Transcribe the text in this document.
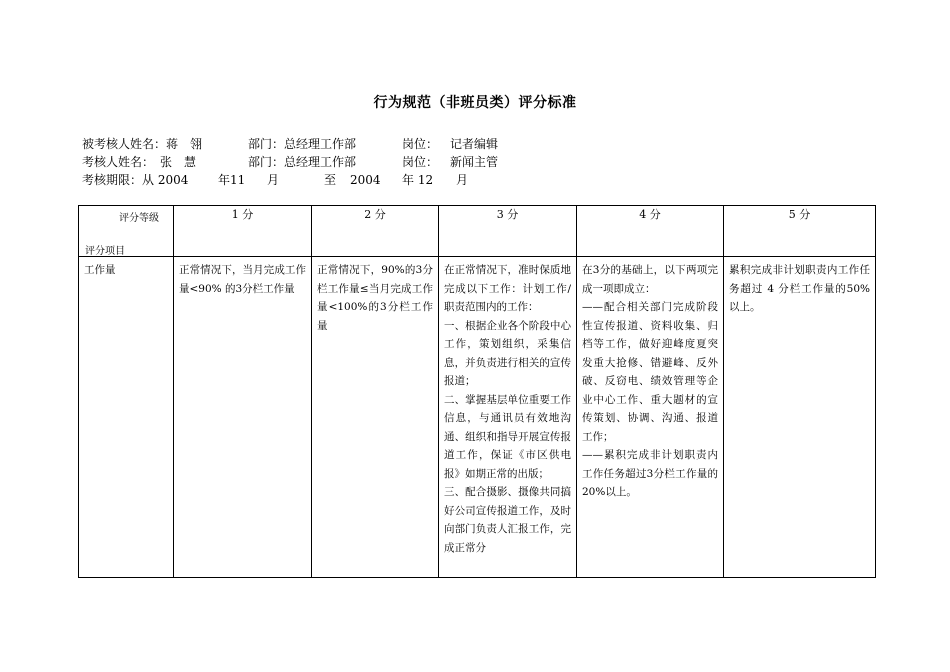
行为规范（非班员类）评分标准
被考核人姓名：蒋　翎	部门：总经理工作部	岗位： 记者编辑
考核人姓名：　张　慧	部门：总经理工作部	岗位： 新闻主管
考核期限：从 2004 年11 月	至 2004 年 12 月
评分等级
评分项目	1 分	2 分	3 分	4 分	5 分

工作量	正常情况下，当月完成工作量<90% 的3分栏工作量	正常情况下，90%的3分栏工作量≤当月完成工作量<100%的3分栏工作量	在正常情况下，准时保质地完成以下工作：计划工作/职责范围内的工作：
一、根据企业各个阶段中心工作，策划组织，采集信息，并负责进行相关的宣传报道；
二、掌握基层单位重要工作信息，与通讯员有效地沟通、组织和指导开展宣传报道工作，保证《市区供电报》如期正常的出版；
三、配合摄影、摄像共同搞好公司宣传报道工作，及时向部门负责人汇报工作，完成正常分	在3分的基础上，以下两项完成一项即成立：
——配合相关部门完成阶段性宣传报道、资料收集、归档等工作，做好迎峰度夏突发重大抢修、错避峰、反外破、反窃电、绩效管理等企业中心工作、重大题材的宣传策划、协调、沟通、报道工作；
——累积完成非计划职责内工作任务超过3分栏工作量的20%以上。	累积完成非计划职责内工作任务超过 4 分栏工作量的50%以上。
